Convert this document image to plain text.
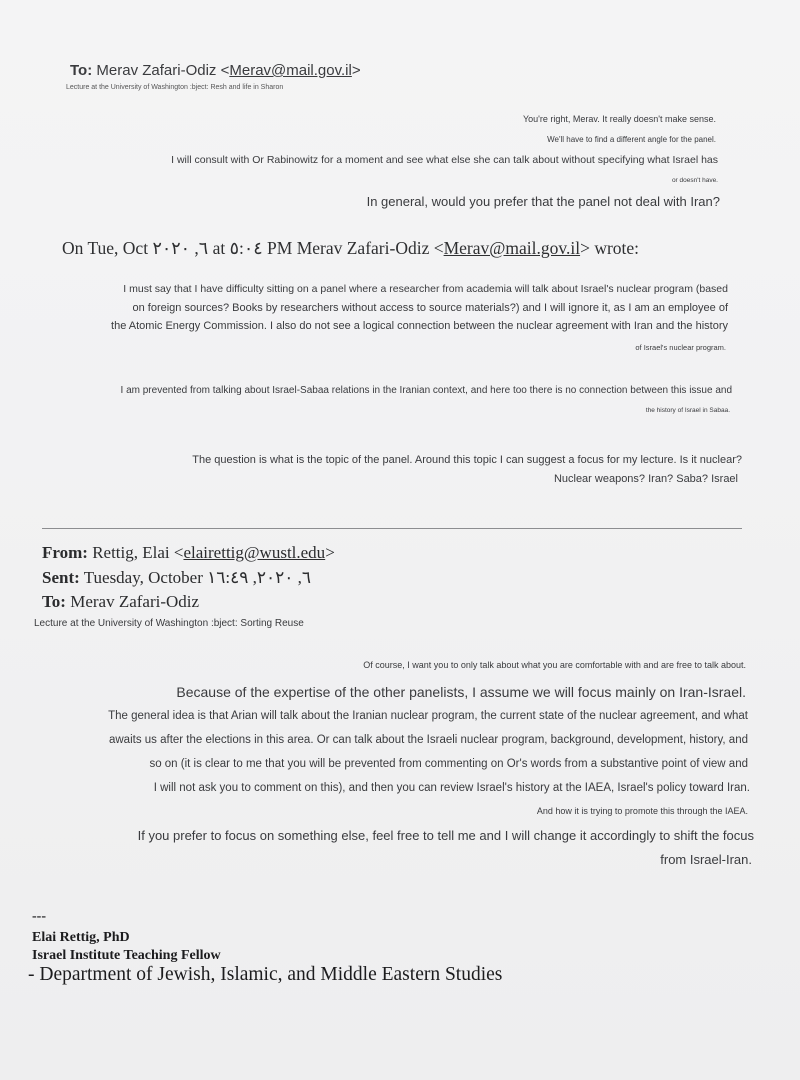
To: Merav Zafari-Odiz <Merav@mail.gov.il>
Lecture at the University of Washington :bject: Resh and life in Sharon
You're right, Merav. It really doesn't make sense.
We'll have to find a different angle for the panel.
I will consult with Or Rabinowitz for a moment and see what else she can talk about without specifying what Israel has
or doesn't have.
In general, would you prefer that the panel not deal with Iran?
On Tue, Oct ٦, ٢٠٢٠ at ٥:٠٤ PM Merav Zafari-Odiz <Merav@mail.gov.il> wrote:
I must say that I have difficulty sitting on a panel where a researcher from academia will talk about Israel's nuclear program (based
on foreign sources? Books by researchers without access to source materials?) and I will ignore it, as I am an employee of
the Atomic Energy Commission. I also do not see a logical connection between the nuclear agreement with Iran and the history
of Israel's nuclear program.
I am prevented from talking about Israel-Sabaa relations in the Iranian context, and here too there is no connection between this issue and
the history of Israel in Sabaa.
The question is what is the topic of the panel. Around this topic I can suggest a focus for my lecture. Is it nuclear?
Nuclear weapons? Iran? Saba? Israel
From: Rettig, Elai <elairettig@wustl.edu>
Sent: Tuesday, October ٦, ٢٠٢٠, ١٦:٤٩
To: Merav Zafari-Odiz
Lecture at the University of Washington :bject: Sorting Reuse
Of course, I want you to only talk about what you are comfortable with and are free to talk about.
Because of the expertise of the other panelists, I assume we will focus mainly on Iran-Israel.
The general idea is that Arian will talk about the Iranian nuclear program, the current state of the nuclear agreement, and what
awaits us after the elections in this area. Or can talk about the Israeli nuclear program, background, development, history, and
so on (it is clear to me that you will be prevented from commenting on Or's words from a substantive point of view and
I will not ask you to comment on this), and then you can review Israel's history at the IAEA, Israel's policy toward Iran.
And how it is trying to promote this through the IAEA.
If you prefer to focus on something else, feel free to tell me and I will change it accordingly to shift the focus
from Israel-Iran.
---
Elai Rettig, PhD
Israel Institute Teaching Fellow
- Department of Jewish, Islamic, and Middle Eastern Studies
